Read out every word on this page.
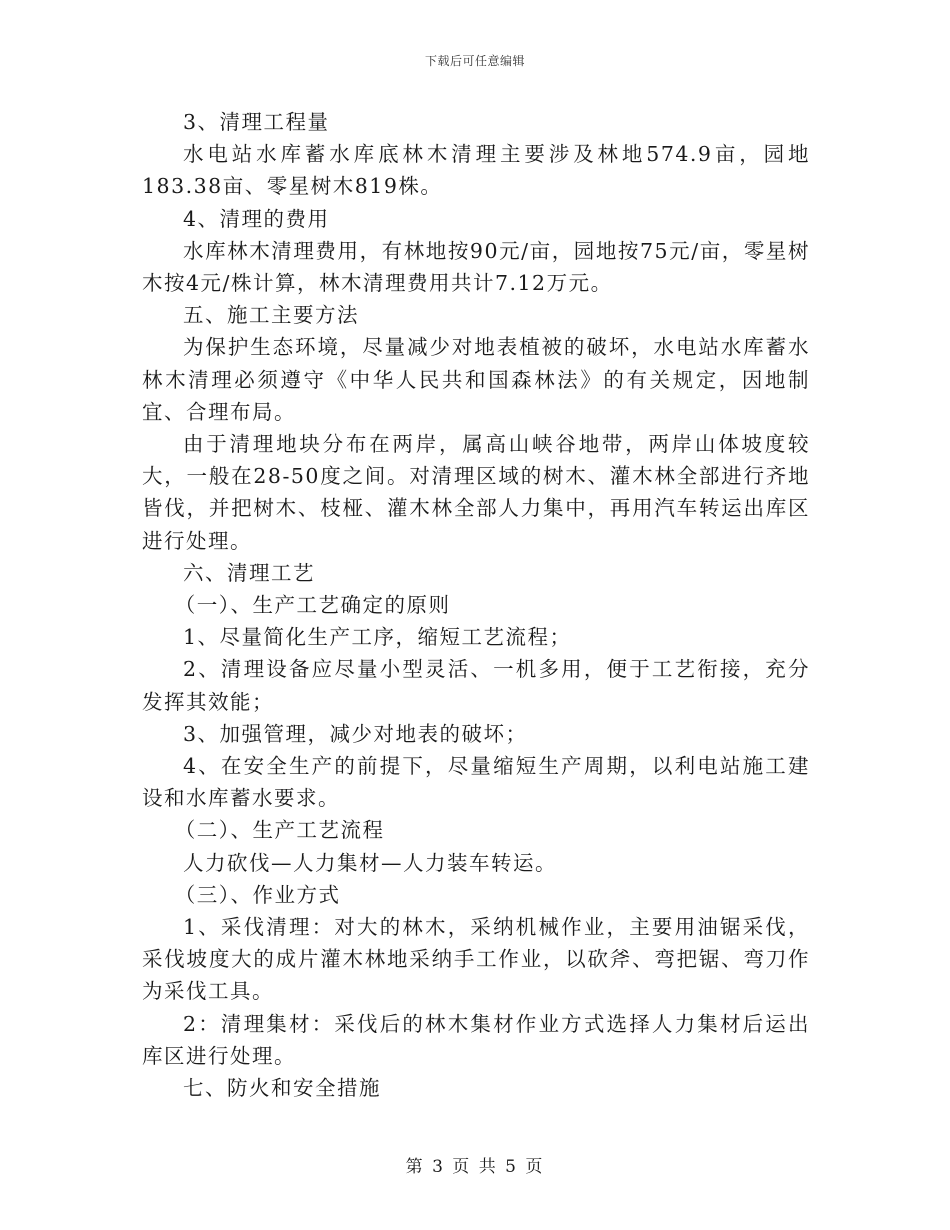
下载后可任意编辑

3、清理工程量

水电站水库蓄水库底林木清理主要涉及林地574.9亩，园地183.38亩、零星树木819株。

4、清理的费用

水库林木清理费用，有林地按90元/亩，园地按75元/亩，零星树木按4元/株计算，林木清理费用共计7.12万元。

五、施工主要方法

为保护生态环境，尽量减少对地表植被的破坏，水电站水库蓄水林木清理必须遵守《中华人民共和国森林法》的有关规定，因地制宜、合理布局。

由于清理地块分布在两岸，属高山峡谷地带，两岸山体坡度较大，一般在28-50度之间。对清理区域的树木、灌木林全部进行齐地皆伐，并把树木、枝桠、灌木林全部人力集中，再用汽车转运出库区进行处理。

六、清理工艺

（一）、生产工艺确定的原则

1、尽量简化生产工序，缩短工艺流程；

2、清理设备应尽量小型灵活、一机多用，便于工艺衔接，充分发挥其效能；

3、加强管理，减少对地表的破坏；

4、在安全生产的前提下，尽量缩短生产周期，以利电站施工建设和水库蓄水要求。

（二）、生产工艺流程

人力砍伐—人力集材—人力装车转运。

（三）、作业方式

1、采伐清理：对大的林木，采纳机械作业，主要用油锯采伐，采伐坡度大的成片灌木林地采纳手工作业，以砍斧、弯把锯、弯刀作为采伐工具。

2：清理集材：采伐后的林木集材作业方式选择人力集材后运出库区进行处理。

七、防火和安全措施

第 3 页 共 5 页
